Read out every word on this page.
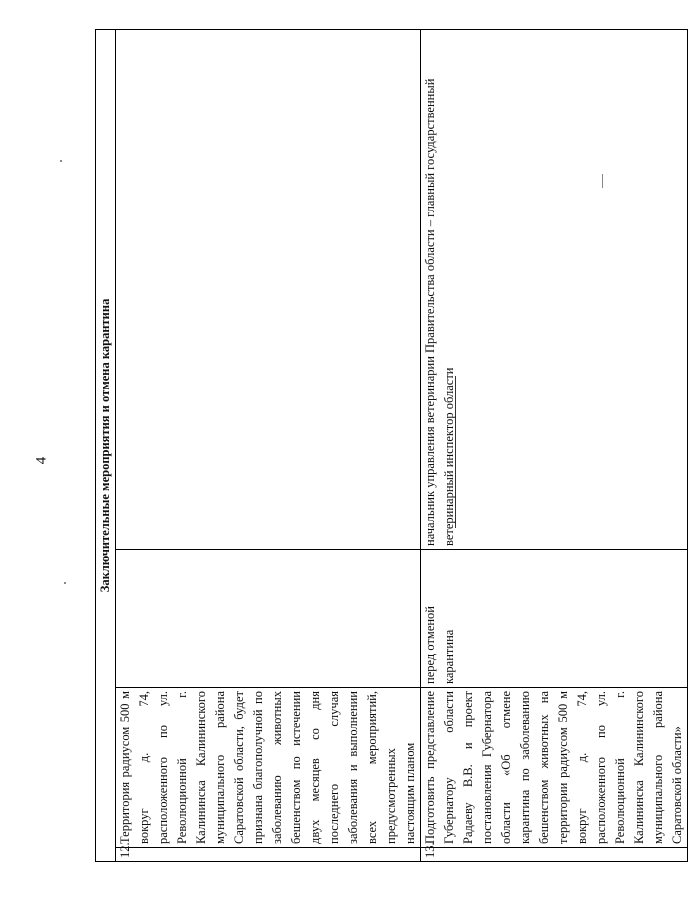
4	Заключительные мероприятия и отмена карантина			
12.	Территория радиусом 500 м вокруг д. 74, расположенного по ул. Революционной г. Калининска Калининского муниципального района Саратовской области, будет признана благополучной по заболеванию животных бешенством по истечении двух месяцев со дня последнего случая заболевания и выполнении всех мероприятий, предусмотренных настоящим планом		
13.	Подготовить представление Губернатору области Радаеву В.В. и проект постановления Губернатора области «Об отмене карантина по заболеванию бешенством животных на территории радиусом 500 м вокруг д. 74, расположенного по ул. Революционной г. Калининска Калининского муниципального района Саратовской области»	перед отменой карантина	начальник управления ветеринарии Правительства области – главный государственный ветеринарный инспектор области
